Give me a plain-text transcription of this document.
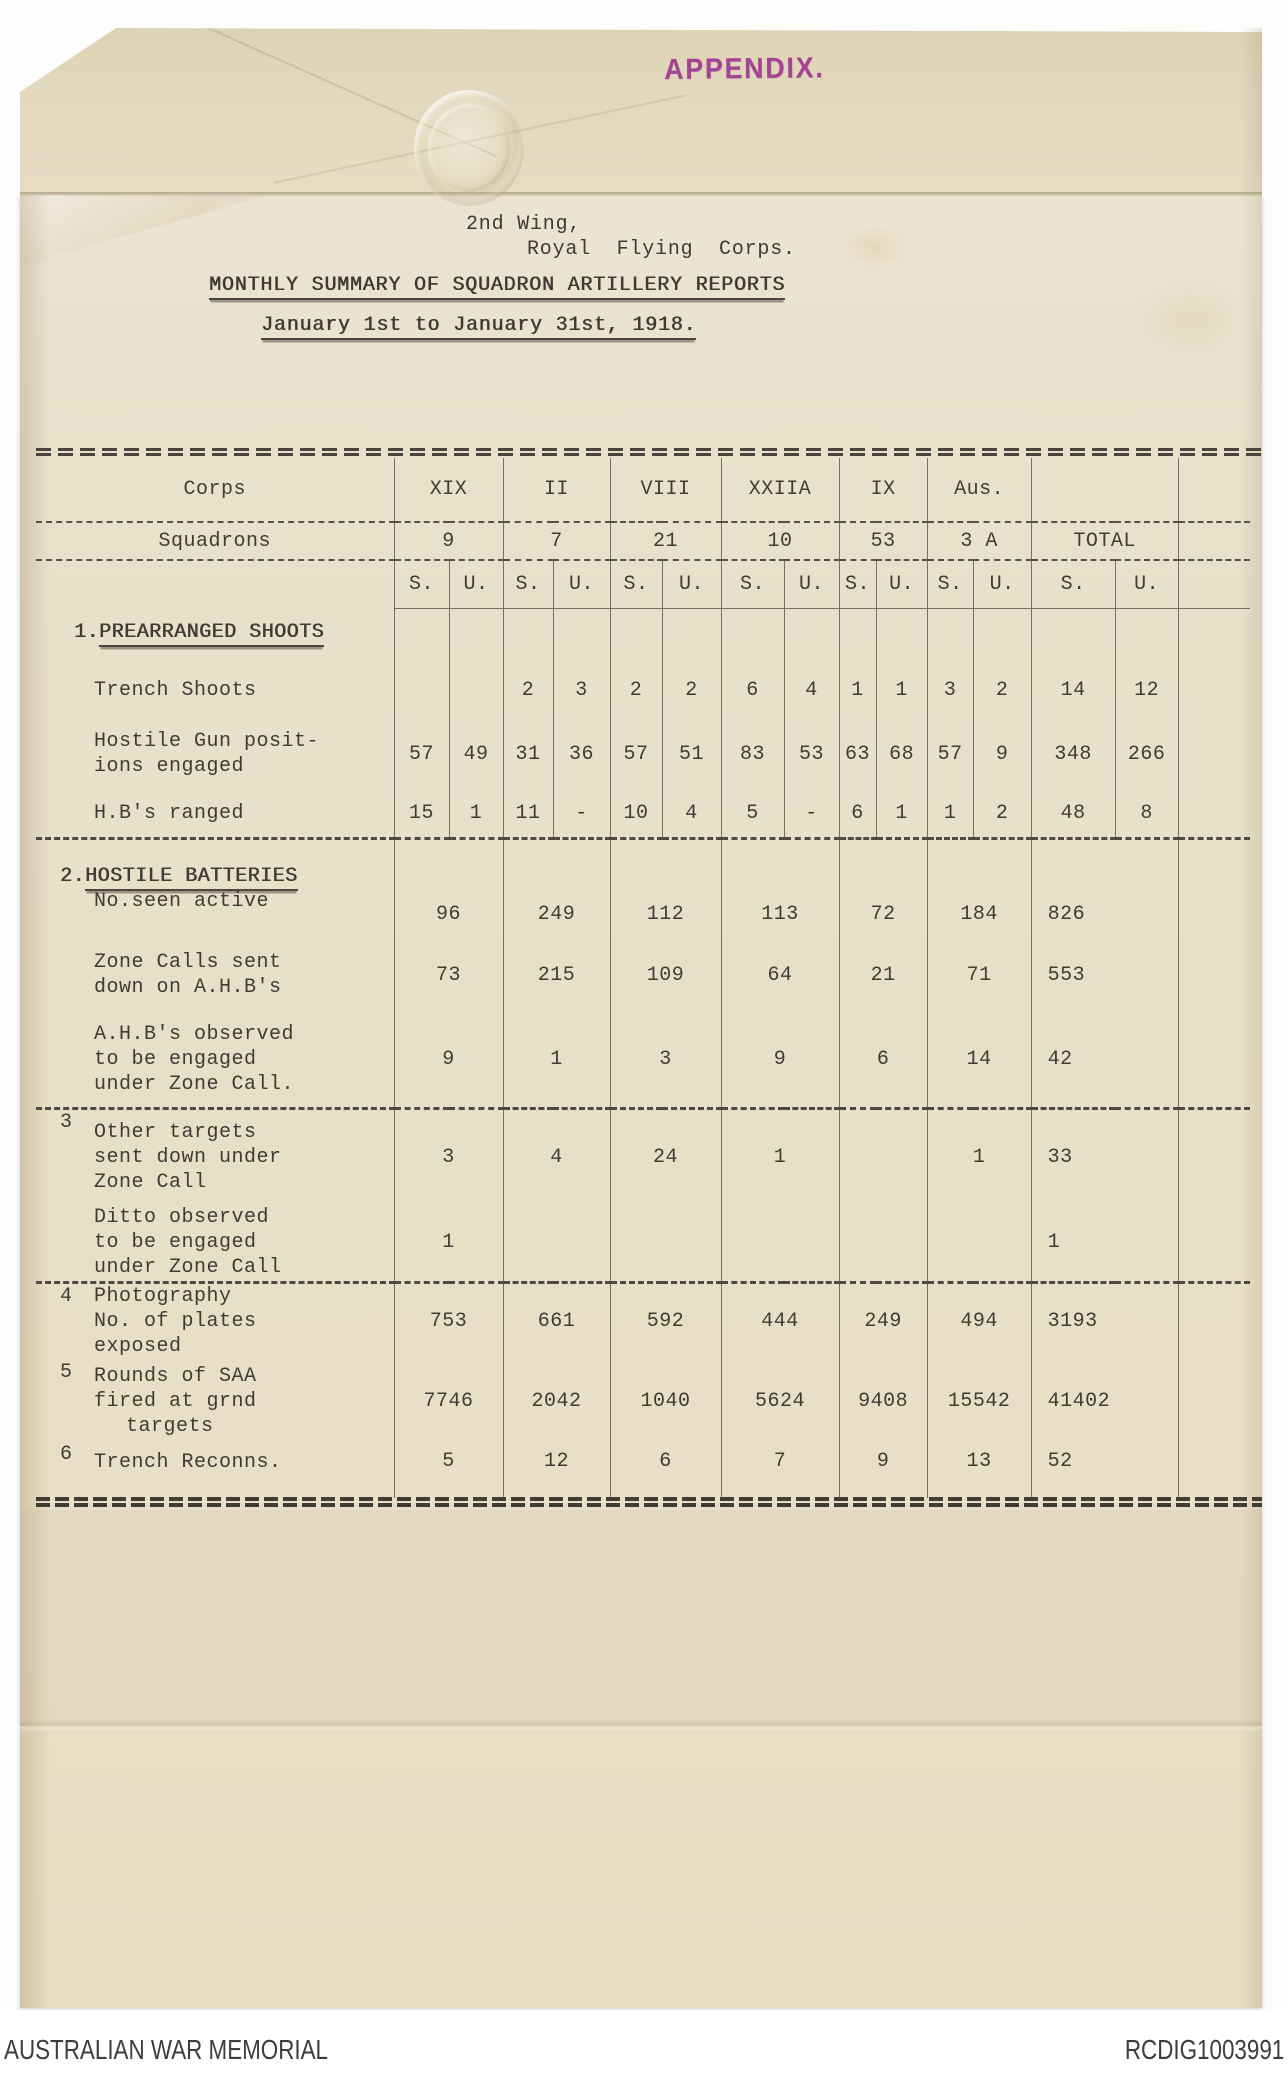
APPENDIX.
2nd Wing,
Royal  Flying  Corps.
MONTHLY SUMMARY OF SQUADRON ARTILLERY REPORTS
January 1st to January 31st, 1918.
Corps	XIX		II		VIII		XXIIA		IX		Aus.				
Squadrons	9		7		21		10		53		3 A		TOTAL		
	S.	U.	S.	U.	S.	U.	S.	U.	S.	U.	S.	U.	S.	U.	

1.PREARRANGED SHOOTS															

Trench Shoots			2	3	2	2	6	4	1	1	3	2	14	12	

Hostile Gun posit-
ions engaged	57	49	31	36	57	51	83	53	63	68	57	9	348	266	

H.B's ranged	15	1	11	-	10	4	5	-	6	1	1	2	48	8	

2.HOSTILE BATTERIES
No.seen active	96		249		112		113		72		184		826		

Zone Calls sent
down on A.H.B's	73		215		109		64		21		71		553		

A.H.B's observed
to be engaged
under Zone Call.	9		1		3		9		6		14		42		

3 Other targets
sent down under
Zone Call	3		4		24		1				1		33		

Ditto observed
to be engaged
under Zone Call	1												1		

4 Photography
No. of plates
exposed	753		661		592		444		249		494		3193		

5 Rounds of SAA
fired at grnd
targets	7746		2042		1040		5624		9408		15542		41402		

6 Trench Reconns.	5		12		6		7		9		13		52		
AUSTRALIAN WAR MEMORIAL	RCDIG1003991
